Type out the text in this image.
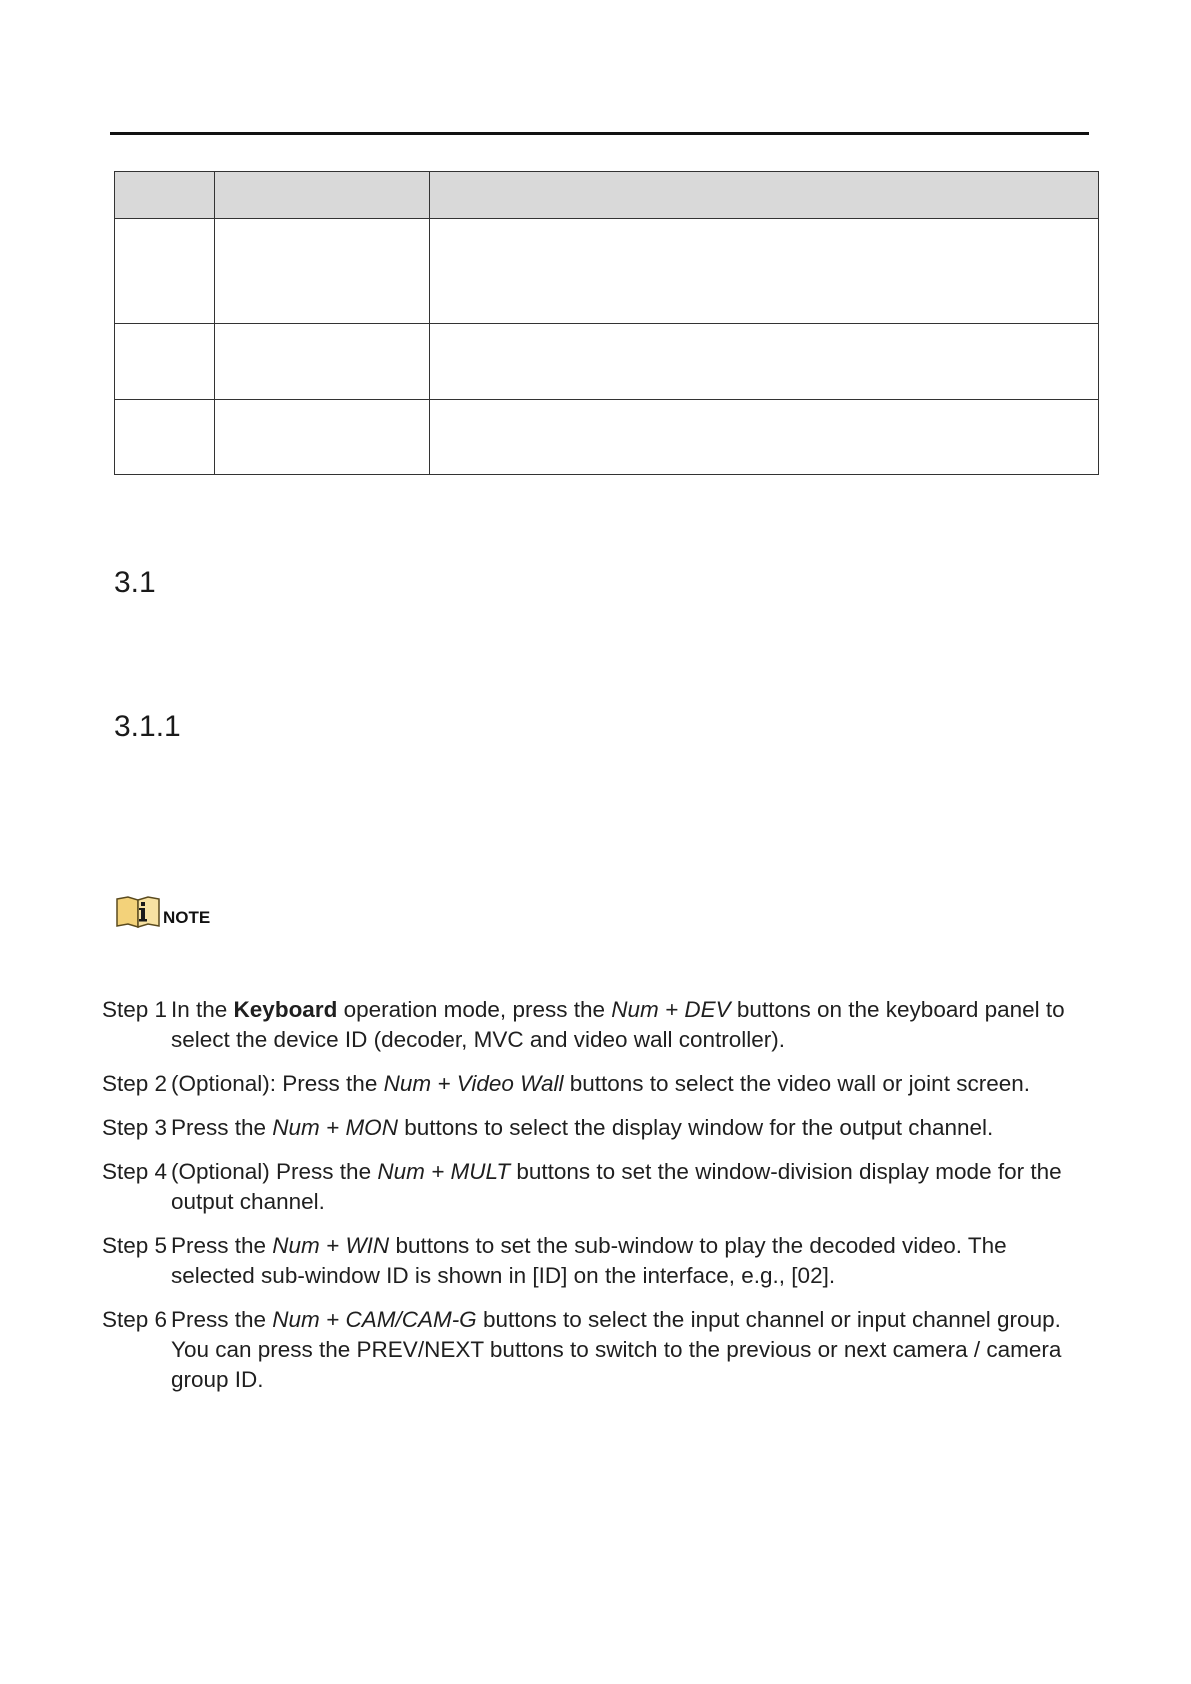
3.1
3.1.1
NOTE
Step 1 In the Keyboard operation mode, press the Num + DEV buttons on the keyboard panel to select the device ID (decoder, MVC and video wall controller).
Step 2 (Optional): Press the Num + Video Wall buttons to select the video wall or joint screen.
Step 3 Press the Num + MON buttons to select the display window for the output channel.
Step 4 (Optional) Press the Num + MULT buttons to set the window-division display mode for the output channel.
Step 5 Press the Num + WIN buttons to set the sub-window to play the decoded video. The selected sub-window ID is shown in [ID] on the interface, e.g., [02].
Step 6 Press the Num + CAM/CAM-G buttons to select the input channel or input channel group. You can press the PREV/NEXT buttons to switch to the previous or next camera / camera group ID.
